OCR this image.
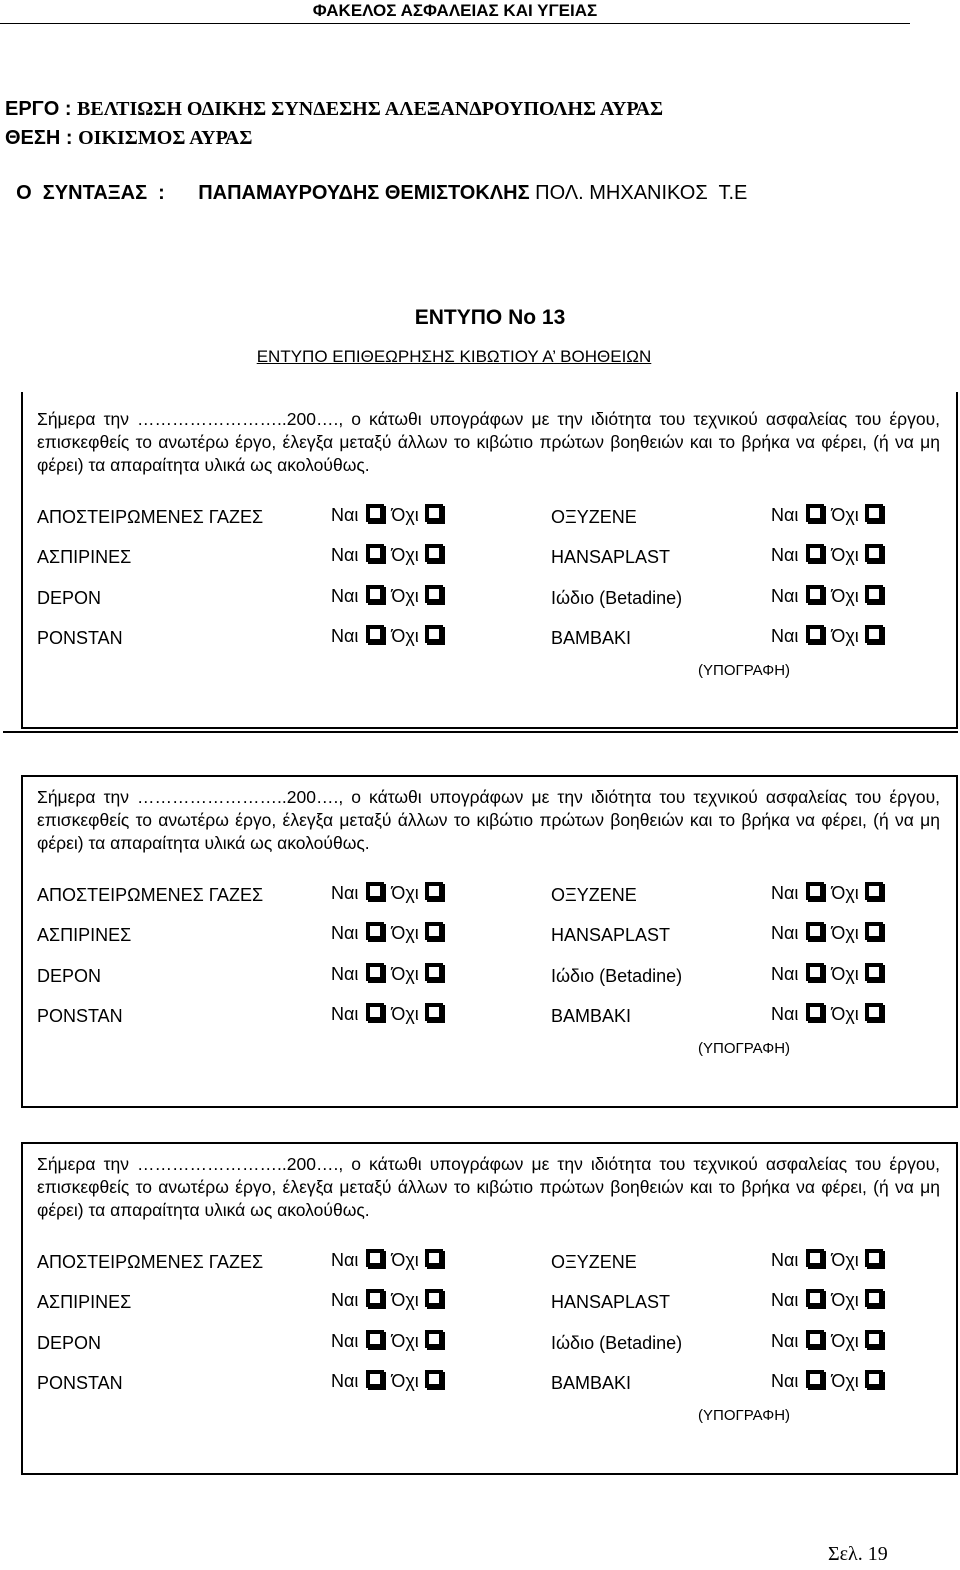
ΦΑΚΕΛΟΣ ΑΣΦΑΛΕΙΑΣ ΚΑΙ ΥΓΕΙΑΣ
ΕΡΓΟ : ΒΕΛΤΙΩΣΗ ΟΔΙΚΗΣ ΣΥΝΔΕΣΗΣ ΑΛΕΞΑΝΔΡΟΥΠΟΛΗΣ ΑΥΡΑΣ
ΘΕΣΗ : ΟΙΚΙΣΜΟΣ ΑΥΡΑΣ

Ο  ΣΥΝΤΑΞΑΣ  :      ΠΑΠΑΜΑΥΡΟΥΔΗΣ ΘΕΜΙΣΤΟΚΛΗΣ ΠΟΛ. ΜΗΧΑΝΙΚΟΣ  Τ.Ε

ΕΝΤΥΠΟ Νο 13
ΕΝΤΥΠΟ ΕΠΙΘΕΩΡΗΣΗΣ ΚΙΒΩΤΙΟΥ Α’ ΒΟΗΘΕΙΩΝ
Σελ. 19
Σήμερα την ……………………..200…., ο κάτωθι υπογράφων με την ιδιότητα του τεχνικού ασφαλείας του έργου, επισκεφθείς το ανωτέρω έργο, έλεγξα μεταξύ άλλων το κιβώτιο πρώτων βοηθειών και το βρήκα να φέρει, (ή να μη φέρει) τα απαραίτητα υλικά ως ακολούθως.
ΑΠΟΣΤΕΙΡΩΜΕΝΕΣ ΓΑΖΕΣ	Ναι Όχι	ΟΞΥΖΕΝΕ	Ναι Όχι
ΑΣΠΙΡΙΝΕΣ	Ναι Όχι	HANSAPLAST	Ναι Όχι
DEPON	Ναι Όχι	Ιώδιο (Betadine)	Ναι Όχι
PONSTAN	Ναι Όχι	ΒΑΜΒΑΚΙ	Ναι Όχι
(ΥΠΟΓΡΑΦΗ)
Σήμερα την ……………………..200…., ο κάτωθι υπογράφων με την ιδιότητα του τεχνικού ασφαλείας του έργου, επισκεφθείς το ανωτέρω έργο, έλεγξα μεταξύ άλλων το κιβώτιο πρώτων βοηθειών και το βρήκα να φέρει, (ή να μη φέρει) τα απαραίτητα υλικά ως ακολούθως.
ΑΠΟΣΤΕΙΡΩΜΕΝΕΣ ΓΑΖΕΣ	Ναι Όχι	ΟΞΥΖΕΝΕ	Ναι Όχι
ΑΣΠΙΡΙΝΕΣ	Ναι Όχι	HANSAPLAST	Ναι Όχι
DEPON	Ναι Όχι	Ιώδιο (Betadine)	Ναι Όχι
PONSTAN	Ναι Όχι	ΒΑΜΒΑΚΙ	Ναι Όχι
(ΥΠΟΓΡΑΦΗ)
Σήμερα την ……………………..200…., ο κάτωθι υπογράφων με την ιδιότητα του τεχνικού ασφαλείας του έργου, επισκεφθείς το ανωτέρω έργο, έλεγξα μεταξύ άλλων το κιβώτιο πρώτων βοηθειών και το βρήκα να φέρει, (ή να μη φέρει) τα απαραίτητα υλικά ως ακολούθως.
ΑΠΟΣΤΕΙΡΩΜΕΝΕΣ ΓΑΖΕΣ	Ναι Όχι	ΟΞΥΖΕΝΕ	Ναι Όχι
ΑΣΠΙΡΙΝΕΣ	Ναι Όχι	HANSAPLAST	Ναι Όχι
DEPON	Ναι Όχι	Ιώδιο (Betadine)	Ναι Όχι
PONSTAN	Ναι Όχι	ΒΑΜΒΑΚΙ	Ναι Όχι
(ΥΠΟΓΡΑΦΗ)
